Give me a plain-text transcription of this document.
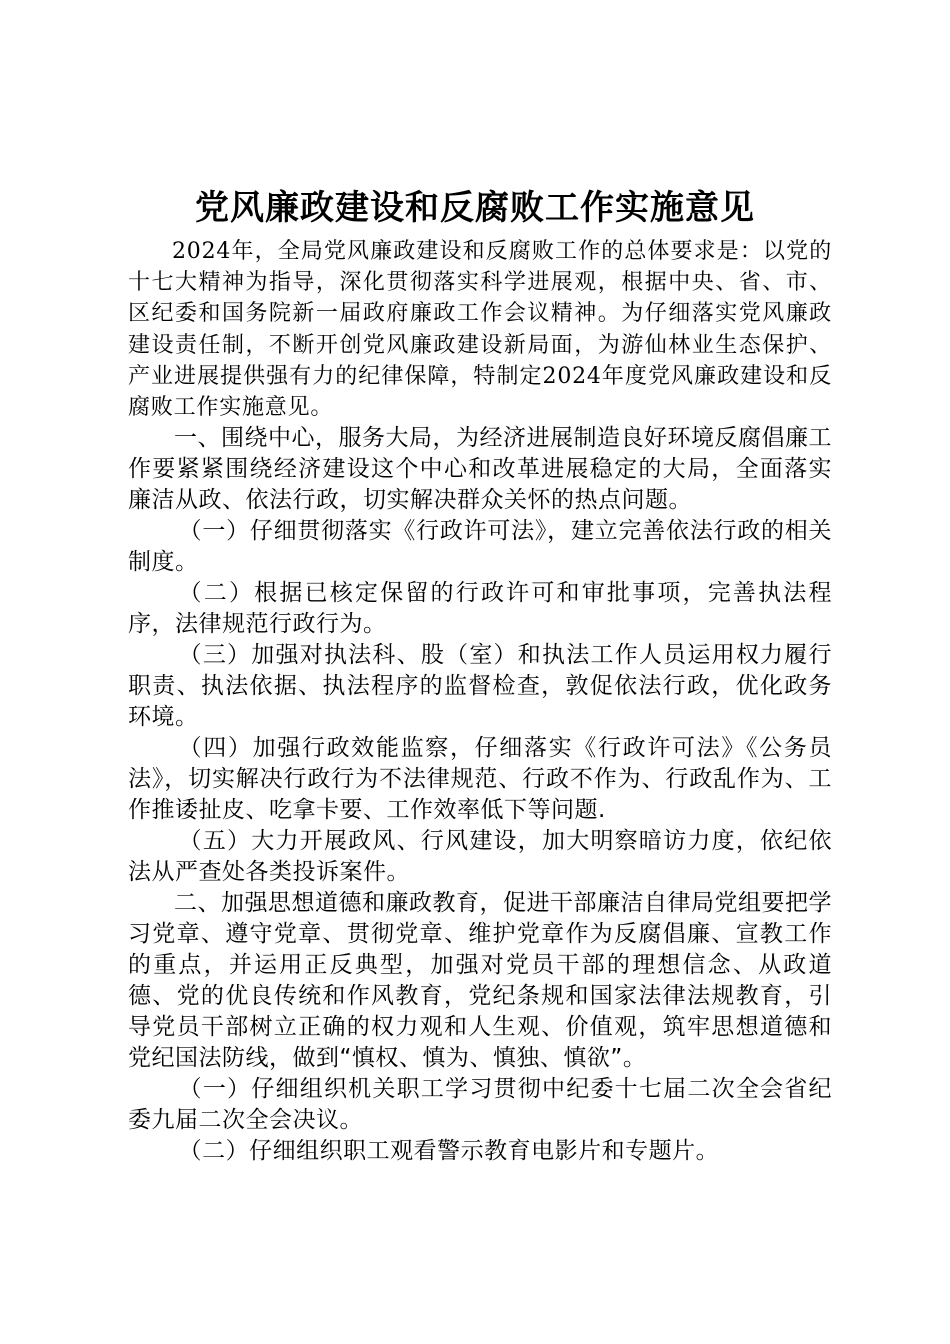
党风廉政建设和反腐败工作实施意见

2024年，全局党风廉政建设和反腐败工作的总体要求是：以党的十七大精神为指导，深化贯彻落实科学进展观，根据中央、省、市、区纪委和国务院新一届政府廉政工作会议精神。为仔细落实党风廉政建设责任制，不断开创党风廉政建设新局面，为游仙林业生态保护、产业进展提供强有力的纪律保障，特制定2024年度党风廉政建设和反腐败工作实施意见。

一、围绕中心，服务大局，为经济进展制造良好环境反腐倡廉工作要紧紧围绕经济建设这个中心和改革进展稳定的大局，全面落实廉洁从政、依法行政，切实解决群众关怀的热点问题。

（一）仔细贯彻落实《行政许可法》，建立完善依法行政的相关制度。

（二）根据已核定保留的行政许可和审批事项，完善执法程序，法律规范行政行为。

（三）加强对执法科、股（室）和执法工作人员运用权力履行职责、执法依据、执法程序的监督检查，敦促依法行政，优化政务环境。

（四）加强行政效能监察，仔细落实《行政许可法》《公务员法》，切实解决行政行为不法律规范、行政不作为、行政乱作为、工作推诿扯皮、吃拿卡要、工作效率低下等问题.

（五）大力开展政风、行风建设，加大明察暗访力度，依纪依法从严查处各类投诉案件。

二、加强思想道德和廉政教育，促进干部廉洁自律局党组要把学习党章、遵守党章、贯彻党章、维护党章作为反腐倡廉、宣教工作的重点，并运用正反典型，加强对党员干部的理想信念、从政道德、党的优良传统和作风教育，党纪条规和国家法律法规教育，引导党员干部树立正确的权力观和人生观、价值观，筑牢思想道德和党纪国法防线，做到“慎权、慎为、慎独、慎欲”。

（一）仔细组织机关职工学习贯彻中纪委十七届二次全会省纪委九届二次全会决议。

（二）仔细组织职工观看警示教育电影片和专题片。
